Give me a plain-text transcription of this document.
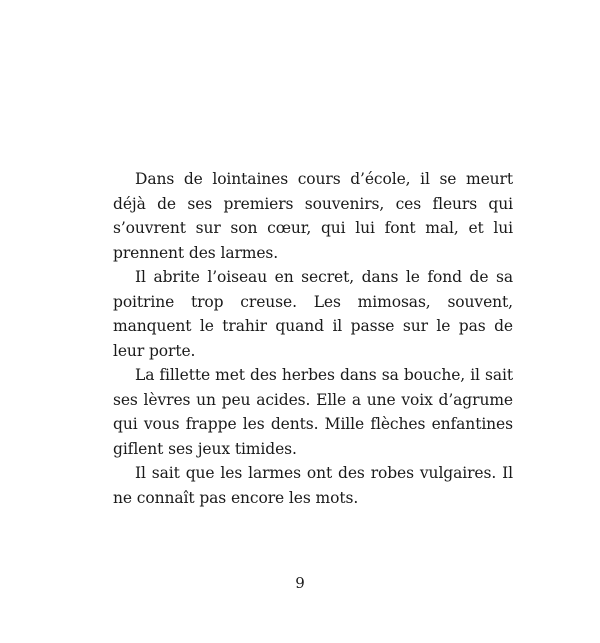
Dans de lointaines cours d’école, il se meurt déjà de ses premiers souvenirs, ces fleurs qui s’ouvrent sur son cœur, qui lui font mal, et lui prennent des larmes.

Il abrite l’oiseau en secret, dans le fond de sa poitrine trop creuse. Les mimosas, souvent, manquent le trahir quand il passe sur le pas de leur porte.

La fillette met des herbes dans sa bouche, il sait ses lèvres un peu acides. Elle a une voix d’agrume qui vous frappe les dents. Mille flèches enfantines giflent ses jeux timides.

Il sait que les larmes ont des robes vulgaires. Il ne connaît pas encore les mots.

9
